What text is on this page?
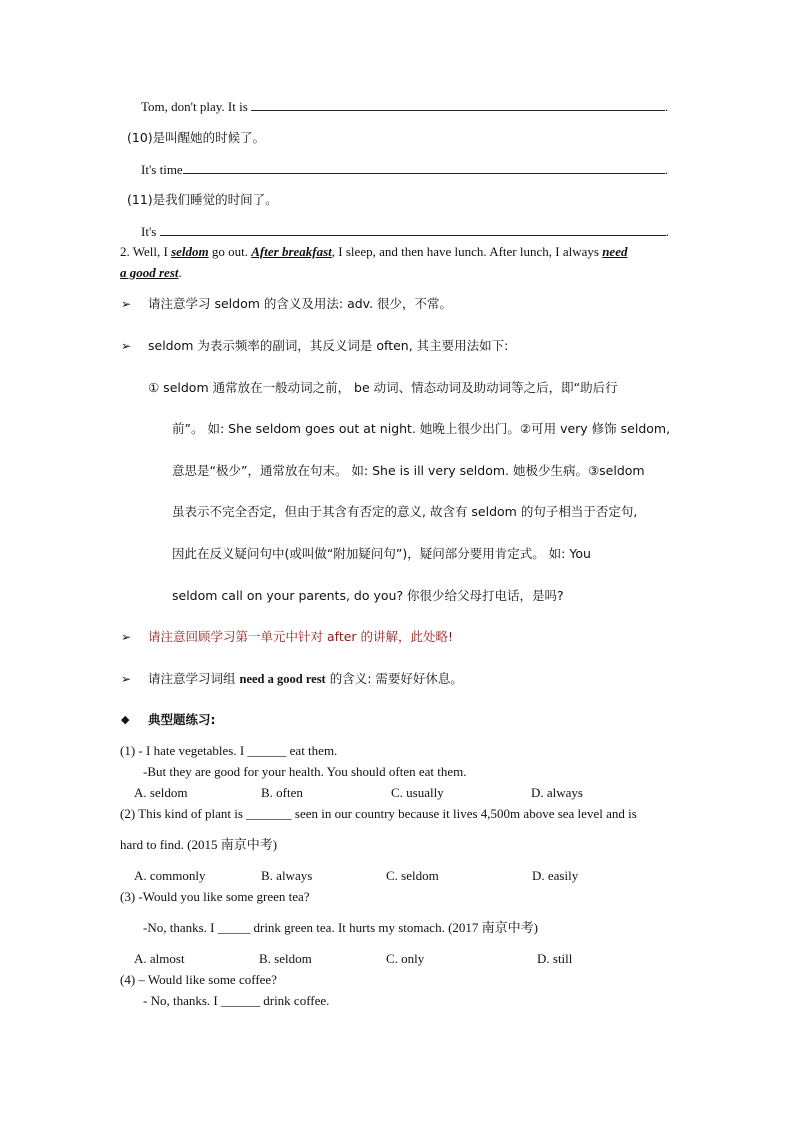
Tom, don't play. It is	.
(10)是叫醒她的时候了。
It's time	.
(11)是我们睡觉的时间了。
It's	.
2. Well, I seldom go out. After breakfast, I sleep, and then have lunch. After lunch, I always need
a good rest.
➢ 请注意学习 seldom 的含义及用法: adv. 很少，不常。
➢ seldom 为表示频率的副词，其反义词是 often, 其主要用法如下:
① seldom 通常放在一般动词之前， be 动词、情态动词及助动词等之后，即“助后行
前”。 如: She seldom goes out at night. 她晚上很少出门。②可用 very 修饰 seldom,
意思是“极少”，通常放在句末。 如: She is ill very seldom. 她极少生病。③seldom
虽表示不完全否定，但由于其含有否定的意义, 故含有 seldom 的句子相当于否定句,
因此在反义疑问句中(或叫做“附加疑问句”)，疑问部分要用肯定式。 如: You
seldom call on your parents, do you? 你很少给父母打电话，是吗?
➢ 请注意回顾学习第一单元中针对 after 的讲解，此处略!
➢ 请注意学习词组 need a good rest 的含义: 需要好好休息。
◆ 典型题练习:
(1) - I hate vegetables. I ______ eat them.
-But they are good for your health. You should often eat them.
A. seldom	B. often	C. usually	D. always
(2) This kind of plant is _______ seen in our country because it lives 4,500m above sea level and is
hard to find. (2015 南京中考)
A. commonly	B. always	C. seldom	D. easily
(3) -Would you like some green tea?
-No, thanks. I _____ drink green tea. It hurts my stomach. (2017 南京中考)
A. almost	B. seldom	C. only	D. still
(4) – Would like some coffee?
- No, thanks. I ______ drink coffee.
